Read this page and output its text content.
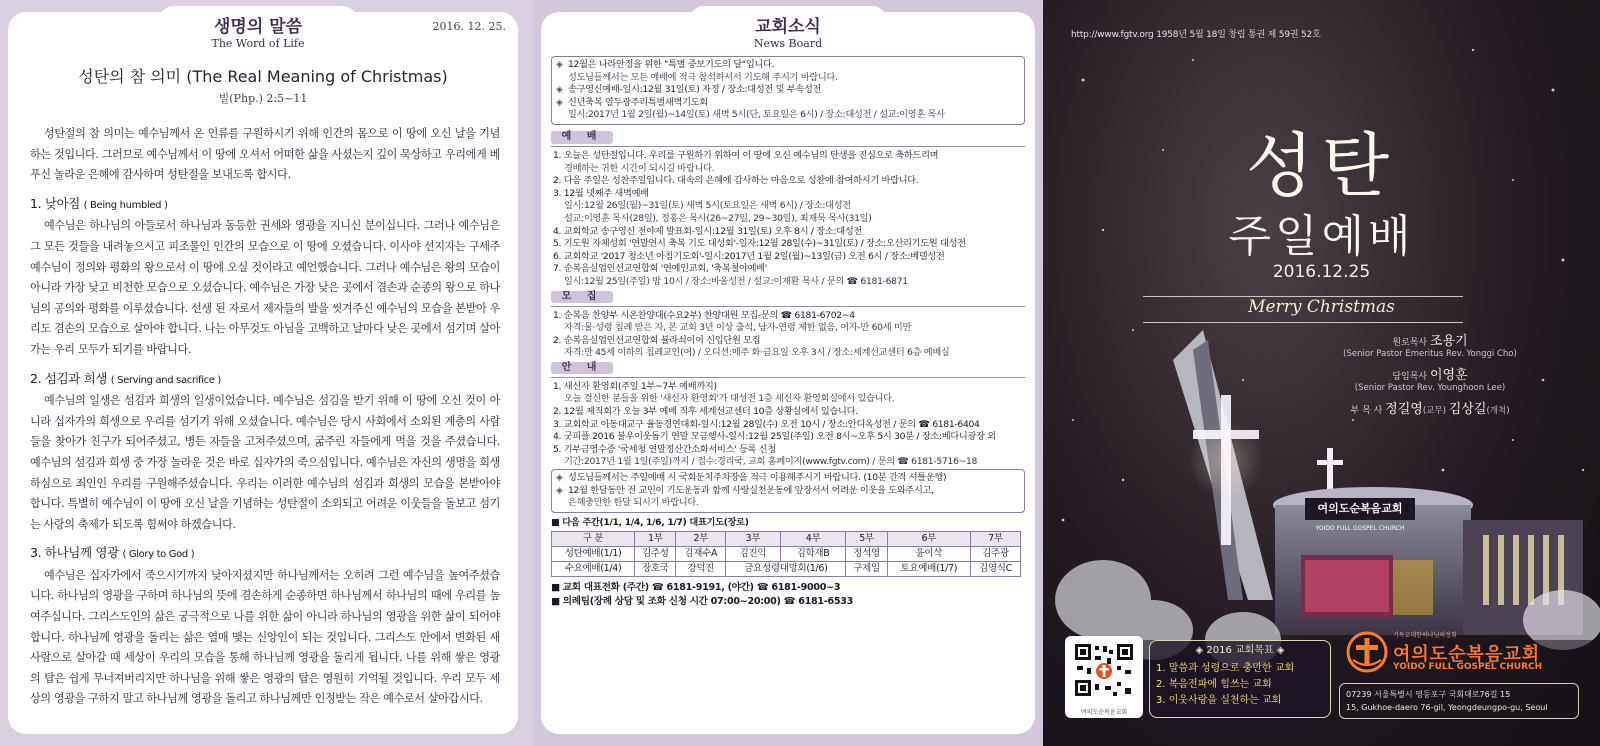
생명의 말씀
The Word of Life
2016. 12. 25.
성탄의 참 의미 (The Real Meaning of Christmas)
빌(Php.) 2:5~11

성탄절의 참 의미는 예수님께서 온 인류를 구원하시기 위해 인간의 몸으로 이 땅에 오신 날을 기념하는 것입니다. 그러므로 예수님께서 이 땅에 오셔서 어떠한 삶을 사셨는지 깊이 묵상하고 우리에게 베푸신 놀라운 은혜에 감사하며 성탄절을 보내도록 합시다.

1. 낮아짐 ( Being humbled )

예수님은 하나님의 아들로서 하나님과 동등한 권세와 영광을 지니신 분이십니다. 그러나 예수님은 그 모든 것들을 내려놓으시고 피조물인 인간의 모습으로 이 땅에 오셨습니다. 이사야 선지자는 구세주 예수님이 정의와 평화의 왕으로서 이 땅에 오실 것이라고 예언했습니다. 그러나 예수님은 왕의 모습이 아니라 가장 낮고 비천한 모습으로 오셨습니다. 예수님은 가장 낮은 곳에서 겸손과 순종의 왕으로 하나님의 공의와 평화를 이루셨습니다. 선생 된 자로서 제자들의 발을 씻겨주신 예수님의 모습을 본받아 우리도 겸손의 모습으로 살아야 합니다. 나는 아무것도 아님을 고백하고 날마다 낮은 곳에서 섬기며 살아가는 우리 모두가 되기를 바랍니다.

2. 섬김과 희생 ( Serving and sacrifice )

예수님의 일생은 섬김과 희생의 일생이었습니다. 예수님은 섬김을 받기 위해 이 땅에 오신 것이 아니라 십자가의 희생으로 우리를 섬기기 위해 오셨습니다. 예수님은 당시 사회에서 소외된 계층의 사람들을 찾아가 친구가 되어주셨고, 병든 자들을 고쳐주셨으며, 굶주린 자들에게 먹을 것을 주셨습니다. 예수님의 섬김과 희생 중 가장 놀라운 것은 바로 십자가의 죽으심입니다. 예수님은 자신의 생명을 희생하심으로 죄인인 우리를 구원해주셨습니다. 우리는 이러한 예수님의 섬김과 희생의 모습을 본받아야 합니다. 특별히 예수님이 이 땅에 오신 날을 기념하는 성탄절이 소외되고 어려운 이웃들을 돌보고 섬기는 사랑의 축제가 되도록 힘써야 하겠습니다.

3. 하나님께 영광 ( Glory to God )

예수님은 십자가에서 죽으시기까지 낮아지셨지만 하나님께서는 오히려 그런 예수님을 높여주셨습니다. 하나님의 영광을 구하며 하나님의 뜻에 겸손하게 순종하면 하나님께서 하나님의 때에 우리를 높여주십니다. 그리스도인의 삶은 궁극적으로 나를 위한 삶이 아니라 하나님의 영광을 위한 삶이 되어야 합니다. 하나님께 영광을 돌리는 삶은 열매 맺는 신앙인이 되는 것입니다. 그리스도 안에서 변화된 새사람으로 살아갈 때 세상이 우리의 모습을 통해 하나님께 영광을 돌리게 됩니다. 나를 위해 쌓은 영광의 탑은 쉽게 무너져버리지만 하나님을 위해 쌓은 영광의 탑은 영원히 기억될 것입니다. 우리 모두 세상의 영광을 구하지 말고 하나님께 영광을 돌리고 하나님께만 인정받는 작은 예수로서 살아갑시다.

교회소식
News Board
◈ 12월은 나라안정을 위한 "특별 중보기도의 달"입니다.
성도님들께서는 모든 예배에 적극 참석하셔서 기도해 주시기 바랍니다.
◈ 송구영신예배-일시:12월 31일(토) 자정 / 장소:대성전 및 부속성전
◈ 신년축복 열두광주리특별새벽기도회
일시:2017년 1월 2일(월)~14일(토) 새벽 5시(단, 토요일은 6시) / 장소:대성전 / 설교:이영훈 목사
예 배
1. 오늘은 성탄절입니다. 우리를 구원하기 위하여 이 땅에 오신 예수님의 탄생을 진심으로 축하드리며
경배하는 귀한 시간이 되시길 바랍니다.
2. 다음 주일은 성찬주일입니다. 대속의 은혜에 감사하는 마음으로 성찬에 참여하시기 바랍니다.
3. 12월 넷째주 새벽예배
일시:12월 26일(월)~31일(토) 새벽 5시(토요일은 새벽 6시) / 장소:대성전
설교:이영훈 목사(28일), 정홍은 목사(26~27일, 29~30일), 최재묵 목사(31일)
4. 교회학교 송구영신 전야제 발표회-일시:12월 31일(토) 오후 8시 / 장소:대성전
5. 기도원 자체성회 '연말연시 축복 기도 대성회'-일자:12월 28일(수)~31일(토) / 장소:오산리기도원 대성전
6. 교회학교 '2017 청소년 아침기도회'-일시:2017년 1월 2일(월)~13일(금) 오전 6시 / 장소:베델성전
7. 순복음실업인선교연합회 '연예인교회, '축복철야예배'
일시:12월 25일(주일) 밤 10시 / 장소:바울성전 / 설교:이재환 목사 / 문의 ☎ 6181-6871
모 집
1. 순복음 찬양부 시온찬양대(수요2부) 찬양대원 모집-문의 ☎ 6181-6702~4
자격:물·성령 침례 받은 자, 본 교회 3년 이상 출석, 남자-연령 제한 없음, 여자-만 60세 미만
2. 순복음실업인선교연합회 뷸라쇠이어 신입단원 모집
자격:만 45세 이하의 침례교인(여) / 오디션:매주 화·금요일 오후 3시 / 장소:세계선교센터 6층 예배실
안 내
1. 새신자 환영회(주일 1부~7부 예배까지)
오늘 결신한 분들을 위한 '새신자 환영회'가 대성전 1층 새신자 환영회실에서 있습니다.
2. 12월 제직회가 오늘 3부 예배 직후 세계선교센터 10층 상황실에서 있습니다.
3. 교회학교 아동대교구 율동경연대회-일시:12월 28일(수) 오전 10시 / 장소:안디옥성전 / 문의 ☎ 6181-6404
4. 굿피플 2016 불우이웃돕기 연말 모금행사-일시:12월 25일(주일) 오전 8시~오후 5시 30분 / 장소:베다니광장 외
5. 기부금영수증 '국세청 연말정산간소화서비스' 등록 신청
기간:2017년 1월 1일(주일)까지 / 접수:경리국, 교회 홈페이지(www.fgtv.com) / 문의 ☎ 6181-5716~18
◈ 성도님들께서는 주일예배 시 국회둔치주차장을 적극 이용해주시기 바랍니다. (10분 간격 셔틀운행)
◈ 12월 한달동안 전 교인이 기도운동과 함께 사랑실천운동에 앞장서서 어려운 이웃을 도와주시고,
은혜충만한 한달 되시기 바랍니다.
■ 다음 주간(1/1, 1/4, 1/6, 1/7) 대표기도(장로)
구 분	1부	2부	3부	4부	5부	6부	7부
성탄예배(1/1)	김주성	김재수A	김진익	김학재B	정석영	윤이삭	김주광
수요예배(1/4)	장호국	강덕진	금요성령대망회(1/6)		구제일	토요예배(1/7)	김영식C
■ 교회 대표전화 (주간) ☎ 6181-9191, (야간) ☎ 6181-9000~3
■ 의례팀(장례 상담 및 조화 신청 시간 07:00~20:00) ☎ 6181-6533
여의도순복음교회
YOIDO FULL GOSPEL CHURCH
http://www.fgtv.org 1958년 5월 18일 창립 통권 제 59권 52호
성탄
주일예배
2016.12.25
Merry Christmas
원로목사 조용기
(Senior Pastor Emeritus Rev. Yonggi Cho)
담임목사 이영훈
(Senior Pastor Rev. Younghoon Lee)
부 목 사 정길영(교무) 김상길(개척)
여의도순복음교회
◈ 2016 교회목표 ◈
1. 말씀과 성령으로 충만한 교회
2. 복음전파에 힘쓰는 교회
3. 이웃사랑을 실천하는 교회
기독교대한하나님의성회
여의도순복음교회
YOIDO FULL GOSPEL CHURCH
07239 서울특별시 영등포구 국회대로76길 15
15, Gukhoe-daero 76-gil, Yeongdeungpo-gu, Seoul
